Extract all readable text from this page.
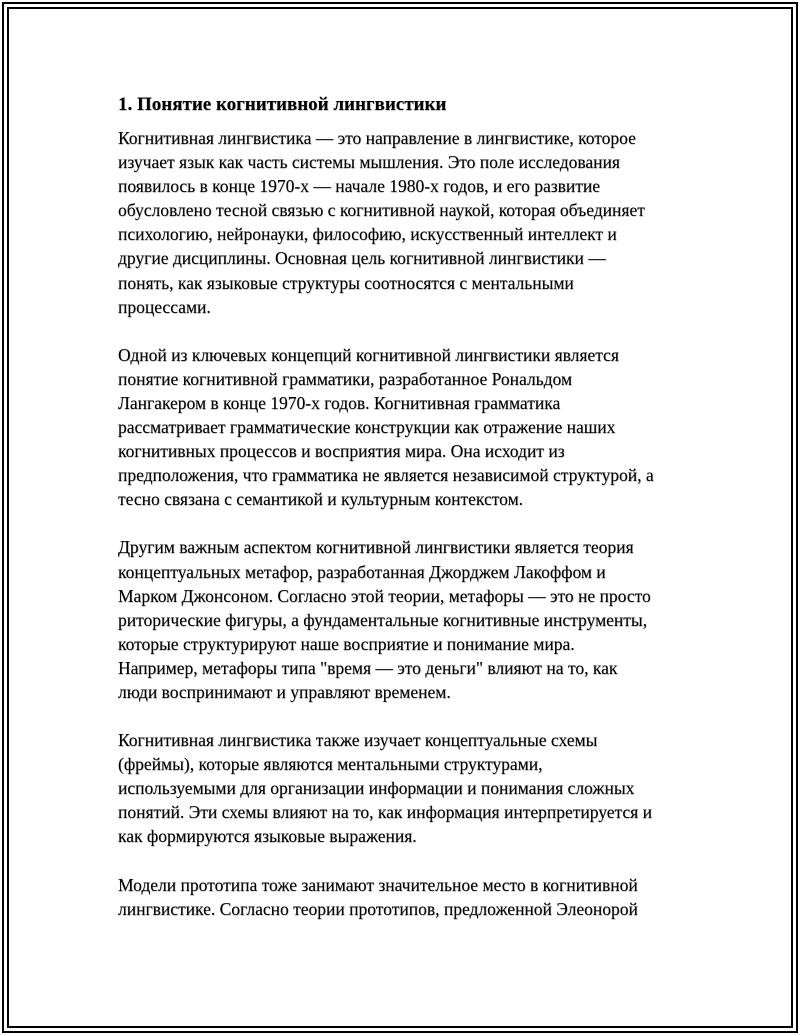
1. Понятие когнитивной лингвистики
Когнитивная лингвистика — это направление в лингвистике, которое
изучает язык как часть системы мышления. Это поле исследования
появилось в конце 1970-х — начале 1980-х годов, и его развитие
обусловлено тесной связью с когнитивной наукой, которая объединяет
психологию, нейронауки, философию, искусственный интеллект и
другие дисциплины. Основная цель когнитивной лингвистики —
понять, как языковые структуры соотносятся с ментальными
процессами.
Одной из ключевых концепций когнитивной лингвистики является
понятие когнитивной грамматики, разработанное Рональдом
Лангакером в конце 1970-х годов. Когнитивная грамматика
рассматривает грамматические конструкции как отражение наших
когнитивных процессов и восприятия мира. Она исходит из
предположения, что грамматика не является независимой структурой, а
тесно связана с семантикой и культурным контекстом.
Другим важным аспектом когнитивной лингвистики является теория
концептуальных метафор, разработанная Джорджем Лакоффом и
Марком Джонсоном. Согласно этой теории, метафоры — это не просто
риторические фигуры, а фундаментальные когнитивные инструменты,
которые структурируют наше восприятие и понимание мира.
Например, метафоры типа "время — это деньги" влияют на то, как
люди воспринимают и управляют временем.
Когнитивная лингвистика также изучает концептуальные схемы
(фреймы), которые являются ментальными структурами,
используемыми для организации информации и понимания сложных
понятий. Эти схемы влияют на то, как информация интерпретируется и
как формируются языковые выражения.
Модели прототипа тоже занимают значительное место в когнитивной
лингвистике. Согласно теории прототипов, предложенной Элеонорой
